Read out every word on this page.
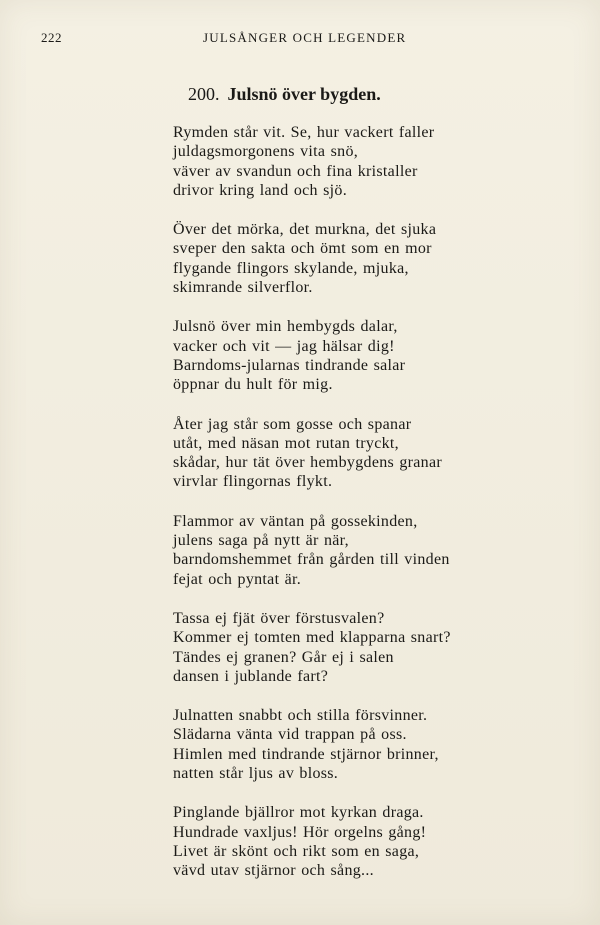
222	JULSÅNGER OCH LEGENDER
200. Julsnö över bygden.
Rymden står vit. Se, hur vackert faller
juldagsmorgonens vita snö,
väver av svandun och fina kristaller
drivor kring land och sjö.
Över det mörka, det murkna, det sjuka
sveper den sakta och ömt som en mor
flygande flingors skylande, mjuka,
skimrande silverflor.
Julsnö över min hembygds dalar,
vacker och vit — jag hälsar dig!
Barndoms-jularnas tindrande salar
öppnar du hult för mig.
Åter jag står som gosse och spanar
utåt, med näsan mot rutan tryckt,
skådar, hur tät över hembygdens granar
virvlar flingornas flykt.
Flammor av väntan på gossekinden,
julens saga på nytt är när,
barndomshemmet från gården till vinden
fejat och pyntat är.
Tassa ej fjät över förstusvalen?
Kommer ej tomten med klapparna snart?
Tändes ej granen? Går ej i salen
dansen i jublande fart?
Julnatten snabbt och stilla försvinner.
Slädarna vänta vid trappan på oss.
Himlen med tindrande stjärnor brinner,
natten står ljus av bloss.
Pinglande bjällror mot kyrkan draga.
Hundrade vaxljus! Hör orgelns gång!
Livet är skönt och rikt som en saga,
vävd utav stjärnor och sång...
